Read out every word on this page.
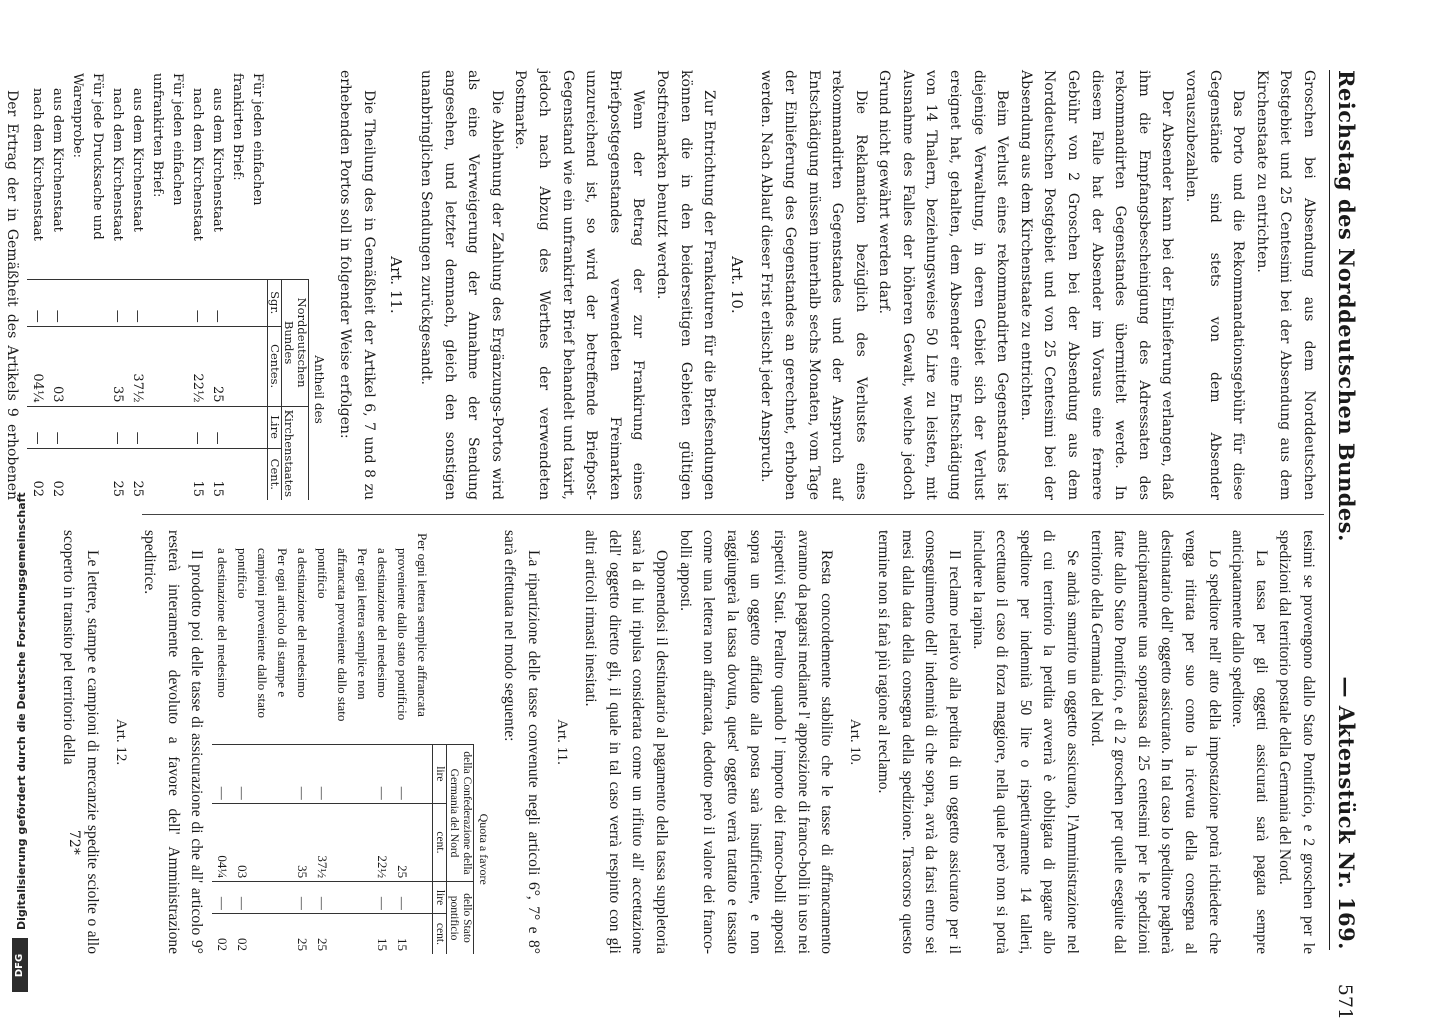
Reichstag des Norddeutschen Bundes.
— Aktenstück Nr. 169.
571

Groschen bei Absendung aus dem Norddeutschen Postgebiet und 25 Centesimi bei der Absendung aus dem Kirchenstaate zu entrichten.

Das Porto und die Rekommandationsgebühr für diese Gegenstände sind stets von dem Absender vorauszubezahlen.

Der Absender kann bei der Einlieferung verlangen, daß ihm die Empfangsbescheinigung des Adressaten des rekommandirten Gegenstandes übermittelt werde. In diesem Falle hat der Absender im Voraus eine fernere Gebühr von 2 Groschen bei der Absendung aus dem Norddeutschen Postgebiet und von 25 Centesimi bei der Absendung aus dem Kirchenstaate zu entrichten.

Beim Verlust eines rekommandirten Gegenstandes ist diejenige Verwaltung, in deren Gebiet sich der Verlust ereignet hat, gehalten, dem Absender eine Entschädigung von 14 Thalern, beziehungsweise 50 Lire zu leisten, mit Ausnahme des Falles der höheren Gewalt, welche jedoch Grund nicht gewährt werden darf.

Die Reklamation bezüglich des Verlustes eines rekommandirten Gegenstandes und der Anspruch auf Entschädigung müssen innerhalb sechs Monaten, vom Tage der Einlieferung des Gegenstandes an gerechnet, erhoben werden. Nach Ablauf dieser Frist erlischt jeder Anspruch.

Art. 10.

Zur Entrichtung der Frankaturen für die Briefsendungen können die in den beiderseitigen Gebieten gültigen Postfreimarken benutzt werden.

Wenn der Betrag der zur Frankirung eines Briefpostgegenstandes verwendeten Freimarken unzureichend ist, so wird der betreffende Briefpost-Gegenstand wie ein unfrankirter Brief behandelt und taxirt, jedoch nach Abzug des Werthes der verwendeten Postmarke.

Die Ablehnung der Zahlung des Ergänzungs-Portos wird als eine Verweigerung der Annahme der Sendung angesehen, und letzter demnach, gleich den sonstigen unanbringlichen Sendungen zurückgesandt.

Art. 11.

Die Theilung des in Gemäßheit der Artikel 6, 7 und 8 zu erhebenden Portos soll in folgender Weise erfolgen:

	Antheil des			
	Norddeutschen Bundes		Kirchenstaates	
	Sgr.	Centes.	Lire	Cent.
Für jeden einfachen frankirten Brief:				
aus dem Kirchenstaat	—	25	—	15
nach dem Kirchenstaat	—	22½	—	15
Für jeden einfachen unfrankirten Brief:				
aus dem Kirchenstaat	—	37½	—	25
nach dem Kirchenstaat	—	35	—	25
Für jede Drucksache und Warenprobe:				
aus dem Kirchenstaat	—	03	—	02
nach dem Kirchenstaat	—	04¼	—	02

Der Ertrag der in Gemäßheit des Artikels 9 erhobenen

tesimi se provengono dallo Stato Pontificio, e 2 groschen per le spedizioni dal territorio postale della Germania del Nord.

La tassa per gli oggetti assicurati sarà pagata sempre anticipatamente dallo speditore.

Lo speditore nell' atto della impostazione potrà richiedere che venga ritirata per suo conto la ricevuta della consegna al destinatario dell' oggetto assicurato. In tal caso lo speditore pagherà anticipatamente una sopratassa di 25 centesimi per le spedizioni fatte dallo Stato Pontificio, e di 2 groschen per quelle eseguite dal territorio della Germania del Nord.

Se andrà smarrito un oggetto assicurato, l'Amministrazione nel di cui territorio la perdita avverrà è obbligata di pagare allo speditore per indennità 50 lire o rispettivamente 14 talleri, eccettuato il caso di forza maggiore, nella quale però non si potrà includere la rapina.

Il reclamo relativo alla perdita di un oggetto assicurato per il conseguimento dell' indennità di che sopra, avrà da farsi entro sei mesi dalla data della consegna della spedizione. Trascorso questo termine non si farà più ragione al reclamo.

Art. 10.

Resta concordemente stabilito che le tasse di affrancamento avranno da pagarsi mediante l' apposizione di franco-bolli in uso nei rispettivi Stati. Peraltro quando l' importo dei franco-bolli apposti sopra un oggetto affidato alla posta sarà insufficiente, e non raggiungerà la tassa dovuta, quest' oggetto verrà trattato e tassato come una lettera non affrancata, dedotto però il valore dei franco-bolli apposti.

Opponendosi il destinatario al pagamento della tassa suppletoria sarà la di lui ripulsa considerata come un rifiuto all' accettazione dell' oggetto diretto gli, il quale in tal caso verrà respinto con gli altri articoli rimasti inesitati.

Art. 11.

La ripartizione delle tasse convenute negli articoli 6°, 7° e 8° sarà effettuata nel modo seguente:

	Quota a favore			
	della Confederazione della Germania del Nord		dello Stato pontificio	
	lire	cent.	lire	cent.
Per ogni lettera semplice affrancata				
proveniente dallo stato pontificio	—	25	—	15
a destinazione del medesimo	—	22½	—	15
Per ogni lettera semplice non affrancata proveniente dallo stato pontificio	—	37½	—	25
a destinazione del medesimo	—	35	—	25
Per ogni articolo di stampe e campioni proveniente dallo stato pontificio	—	03	—	02
a destinazione del medesimo	—	04¼	—	02

Il prodotto poi delle tasse di assicurazione di che all' articolo 9° resterà interamente devoluto a favore dell' Amministrazione speditrice.

Art. 12.

Le lettere, stampe e campioni di mercanzie spedite sciolte o allo scoperto in transito pel territorio della

72*
Digitalisierung gefördert durch die Deutsche Forschungsgemeinschaft
DFG
